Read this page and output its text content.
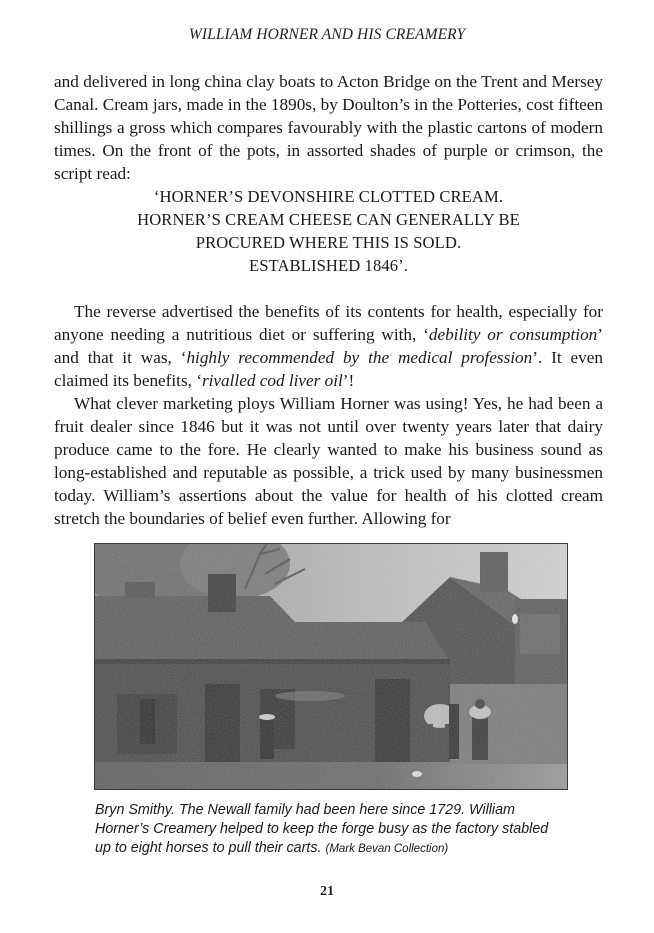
WILLIAM HORNER AND HIS CREAMERY

and delivered in long china clay boats to Acton Bridge on the Trent and Mersey Canal. Cream jars, made in the 1890s, by Doulton’s in the Potteries, cost fifteen shillings a gross which compares favourably with the plastic cartons of modern times. On the front of the pots, in assorted shades of purple or crimson, the script read:

‘HORNER’S DEVONSHIRE CLOTTED CREAM.
HORNER’S CREAM CHEESE CAN GENERALLY BE
PROCURED WHERE THIS IS SOLD.
ESTABLISHED 1846’.

The reverse advertised the benefits of its contents for health, especially for anyone needing a nutritious diet or suffering with, ‘debility or consumption’ and that it was, ‘highly recommended by the medical profession’. It even claimed its benefits, ‘rivalled cod liver oil’!

What clever marketing ploys William Horner was using! Yes, he had been a fruit dealer since 1846 but it was not until over twenty years later that dairy produce came to the fore. He clearly wanted to make his business sound as long-established and reputable as possible, a trick used by many businessmen today. William’s assertions about the value for health of his clotted cream stretch the boundaries of belief even further. Allowing for

Bryn Smithy. The Newall family had been here since 1729. William Horner’s Creamery helped to keep the forge busy as the factory stabled up to eight horses to pull their carts. (Mark Bevan Collection)
21
